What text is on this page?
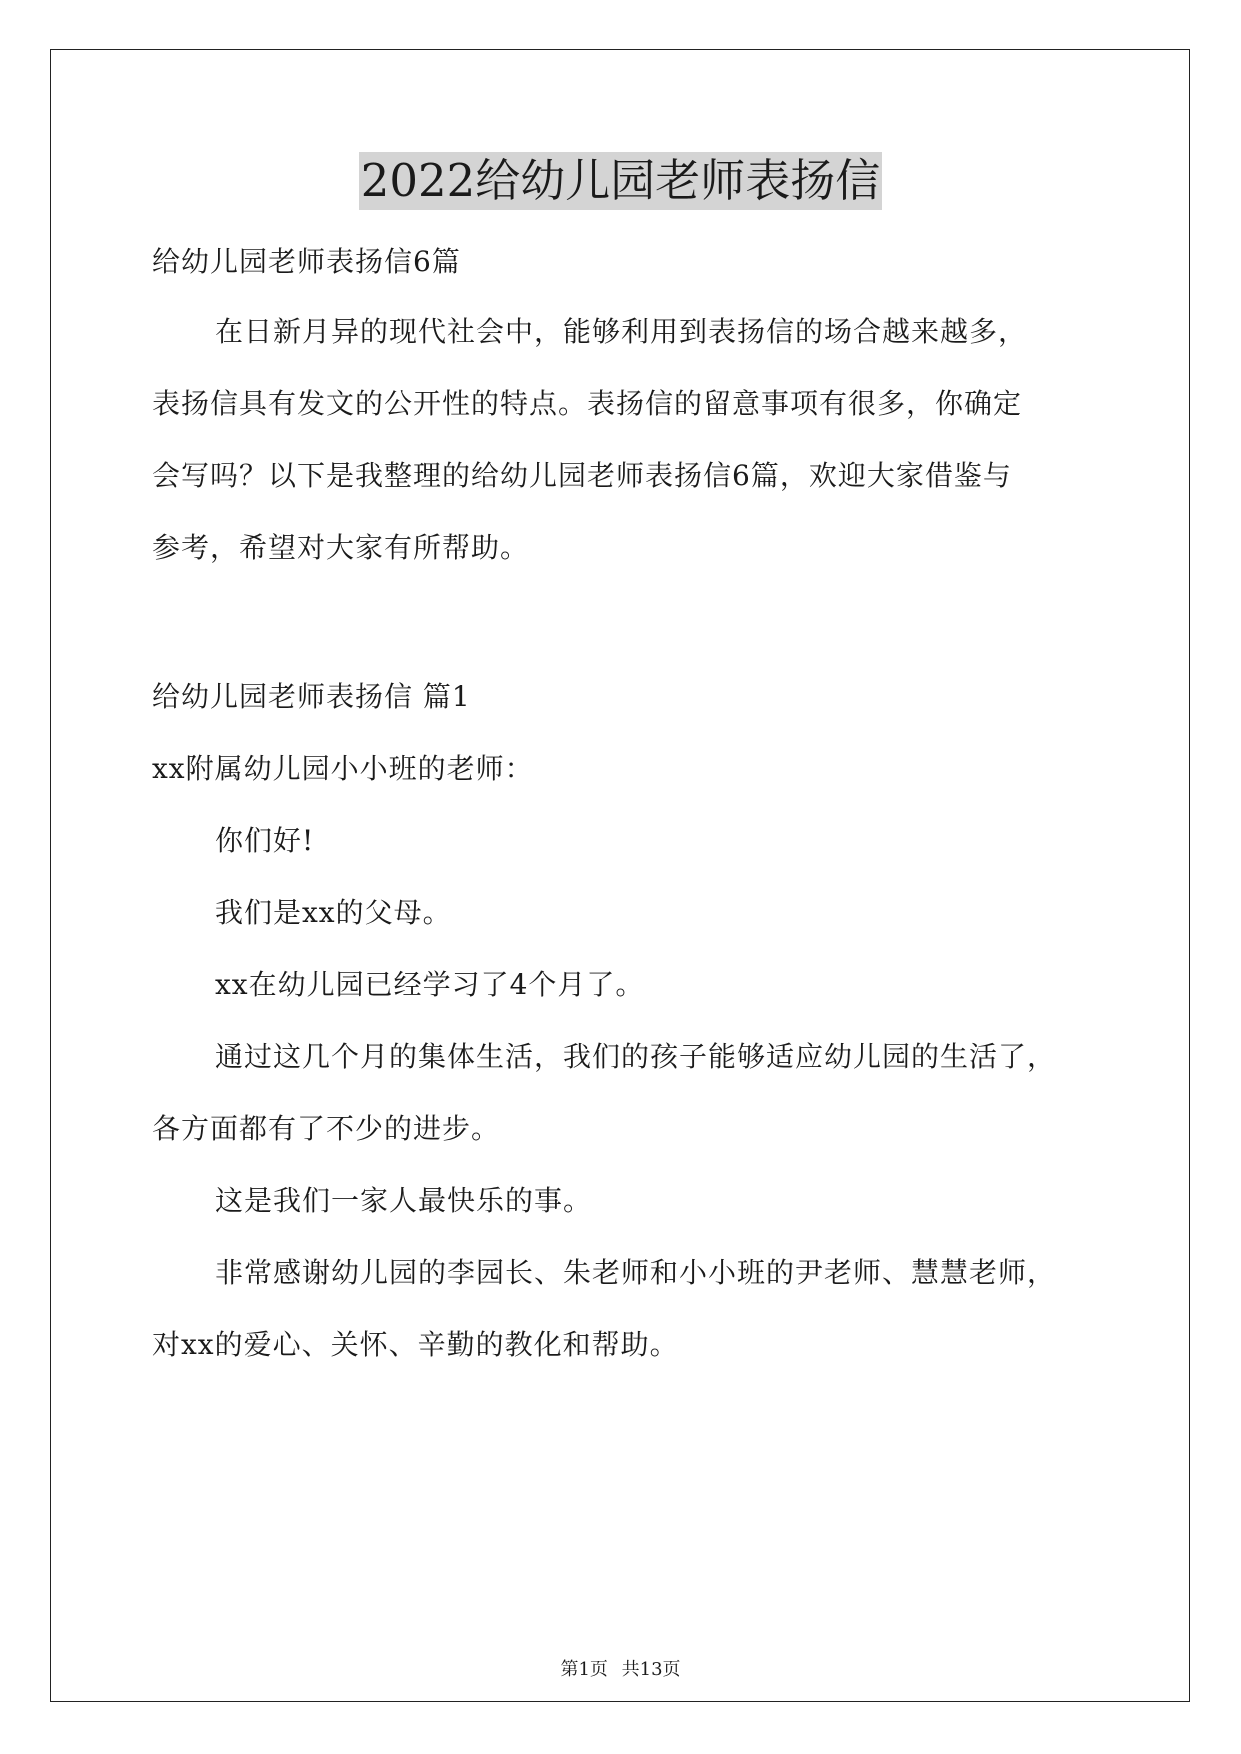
2022给幼儿园老师表扬信
给幼儿园老师表扬信6篇
在日新月异的现代社会中，能够利用到表扬信的场合越来越多，
表扬信具有发文的公开性的特点。表扬信的留意事项有很多，你确定
会写吗？以下是我整理的给幼儿园老师表扬信6篇，欢迎大家借鉴与
参考，希望对大家有所帮助。
给幼儿园老师表扬信 篇1
xx附属幼儿园小小班的老师：
你们好!
我们是xx的父母。
xx在幼儿园已经学习了4个月了。
通过这几个月的集体生活，我们的孩子能够适应幼儿园的生活了，
各方面都有了不少的进步。
这是我们一家人最快乐的事。
非常感谢幼儿园的李园长、朱老师和小小班的尹老师、慧慧老师，
对xx的爱心、关怀、辛勤的教化和帮助。
第1页 共13页
